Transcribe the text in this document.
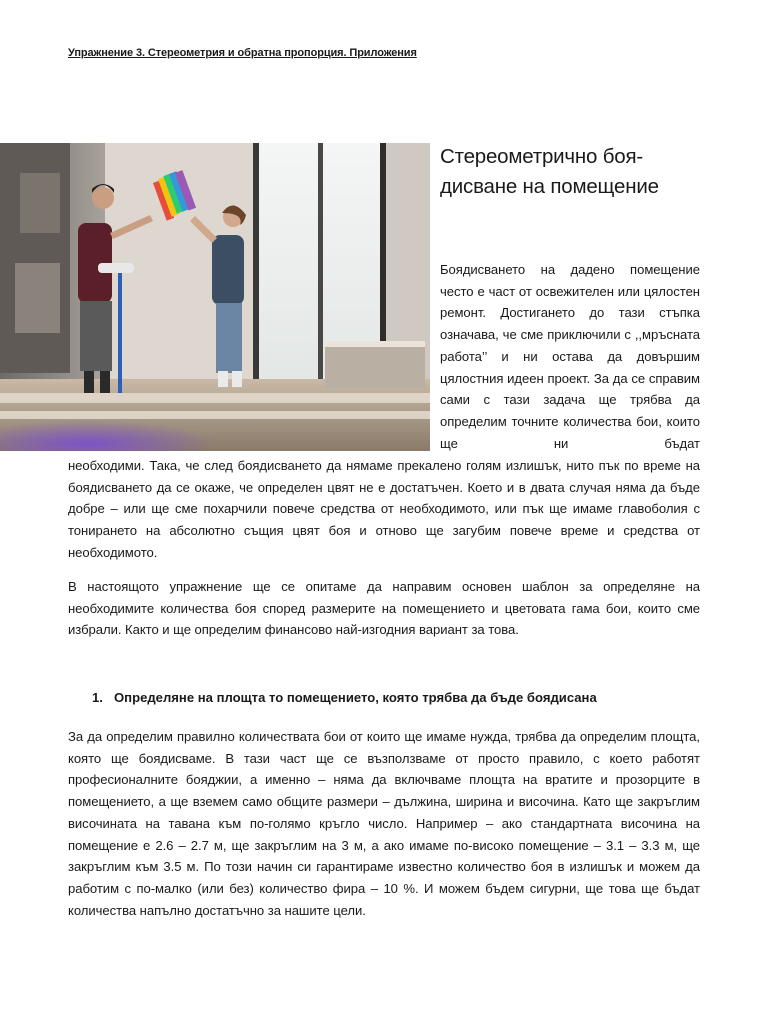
Упражнение 3. Стереометрия и обратна пропорция. Приложения
Стереометрично боя-дисване на помещение

Боядисването на дадено помещение често е част от освежителен или цялостен ремонт. Достигането до тази стъпка означава, че сме приключили с ,,мръсната работа’’ и ни остава да довършим цялостния идеен проект. За да се справим сами с тази задача ще трябва да определим точните количества бои, които ще ни бъдат

необходими. Така, че след боядисването да нямаме прекалено голям излишък, нито пък по време на боядисването да се окаже, че определен цвят не е достатъчен. Което и в двата случая няма да бъде добре – или ще сме похарчили повече средства от необходимото, или пък ще имаме главоболия с тонирането на абсолютно същия цвят боя и отново ще загубим повече време и средства от необходимото.

В настоящото упражнение ще се опитаме да направим основен шаблон за определяне на необходимите количества боя според размерите на помещението и цветовата гама бои, които сме избрали. Както и ще определим финансово най-изгодния вариант за това.

1. Определяне на площта то помещението, която трябва да бъде боядисана

За да определим правилно количествата бои от които ще имаме нужда, трябва да определим площта, която ще боядисваме. В тази част ще се възползваме от просто правило, с което работят професионалните бояджии, а именно – няма да включваме площта на вратите и прозорците в помещението, а ще вземем само общите размери – дължина, ширина и височина. Като ще закръглим височината на тавана към по-голямо кръгло число. Например – ако стандартната височина на помещение е 2.6 – 2.7 м, ще закръглим на 3 м, а ако имаме по-високо помещение – 3.1 – 3.3 м, ще закръглим към 3.5 м. По този начин си гарантираме известно количество боя в излишък и можем да работим с по-малко (или без) количество фира – 10 %. И можем бъдем сигурни, ще това ще бъдат количества напълно достатъчно за нашите цели.
